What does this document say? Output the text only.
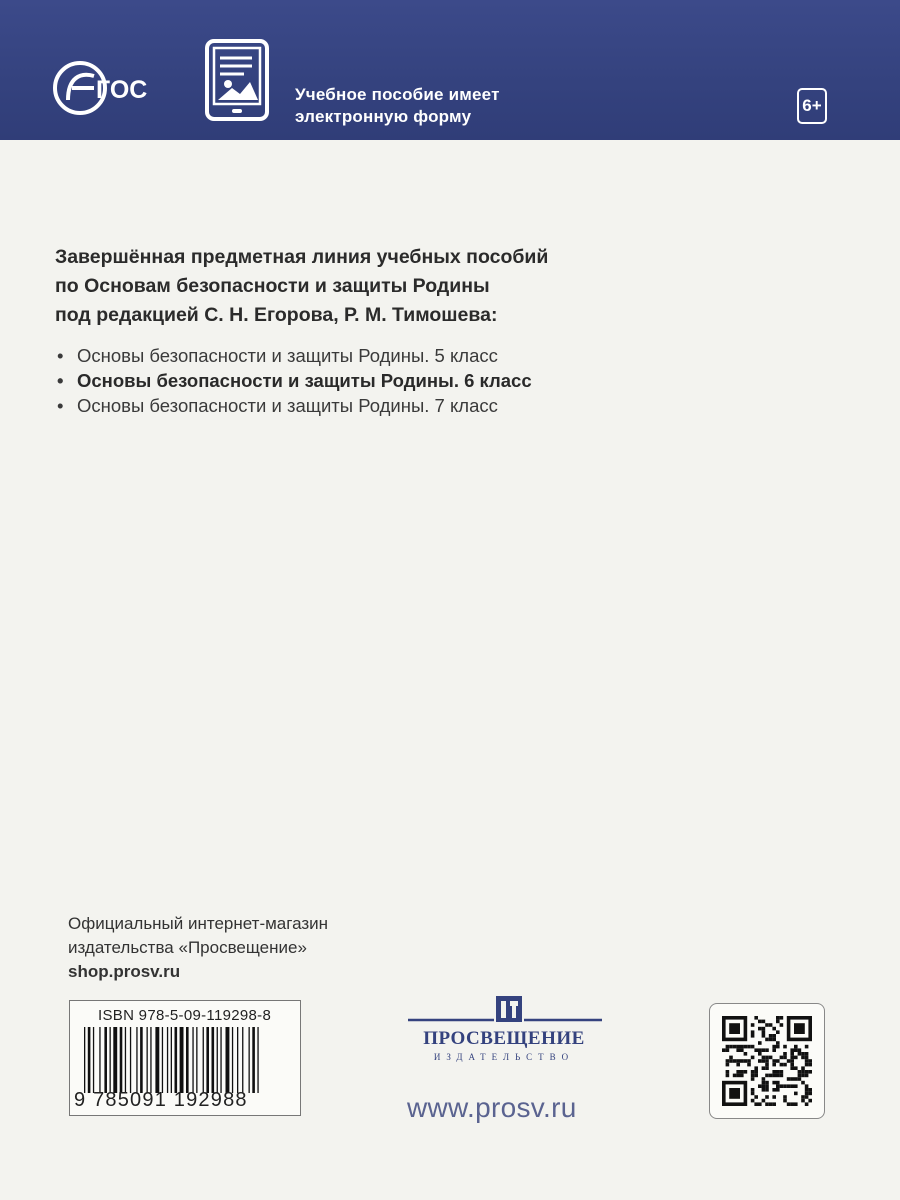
ГОС	Учебное пособие имеет
электронную форму
6+
Завершённая предметная линия учебных пособий
по Основам безопасности и защиты Родины
под редакцией С. Н. Егорова, Р. М. Тимошева:
• Основы безопасности и защиты Родины. 5 класс
• Основы безопасности и защиты Родины. 6 класс
• Основы безопасности и защиты Родины. 7 класс
Официальный интернет-магазин
издательства «Просвещение»
shop.prosv.ru
ISBN 978-5-09-119298-8
9 785091 192988
ПРОСВЕЩЕНИЕ
ИЗДАТЕЛЬСТВО
www.prosv.ru
